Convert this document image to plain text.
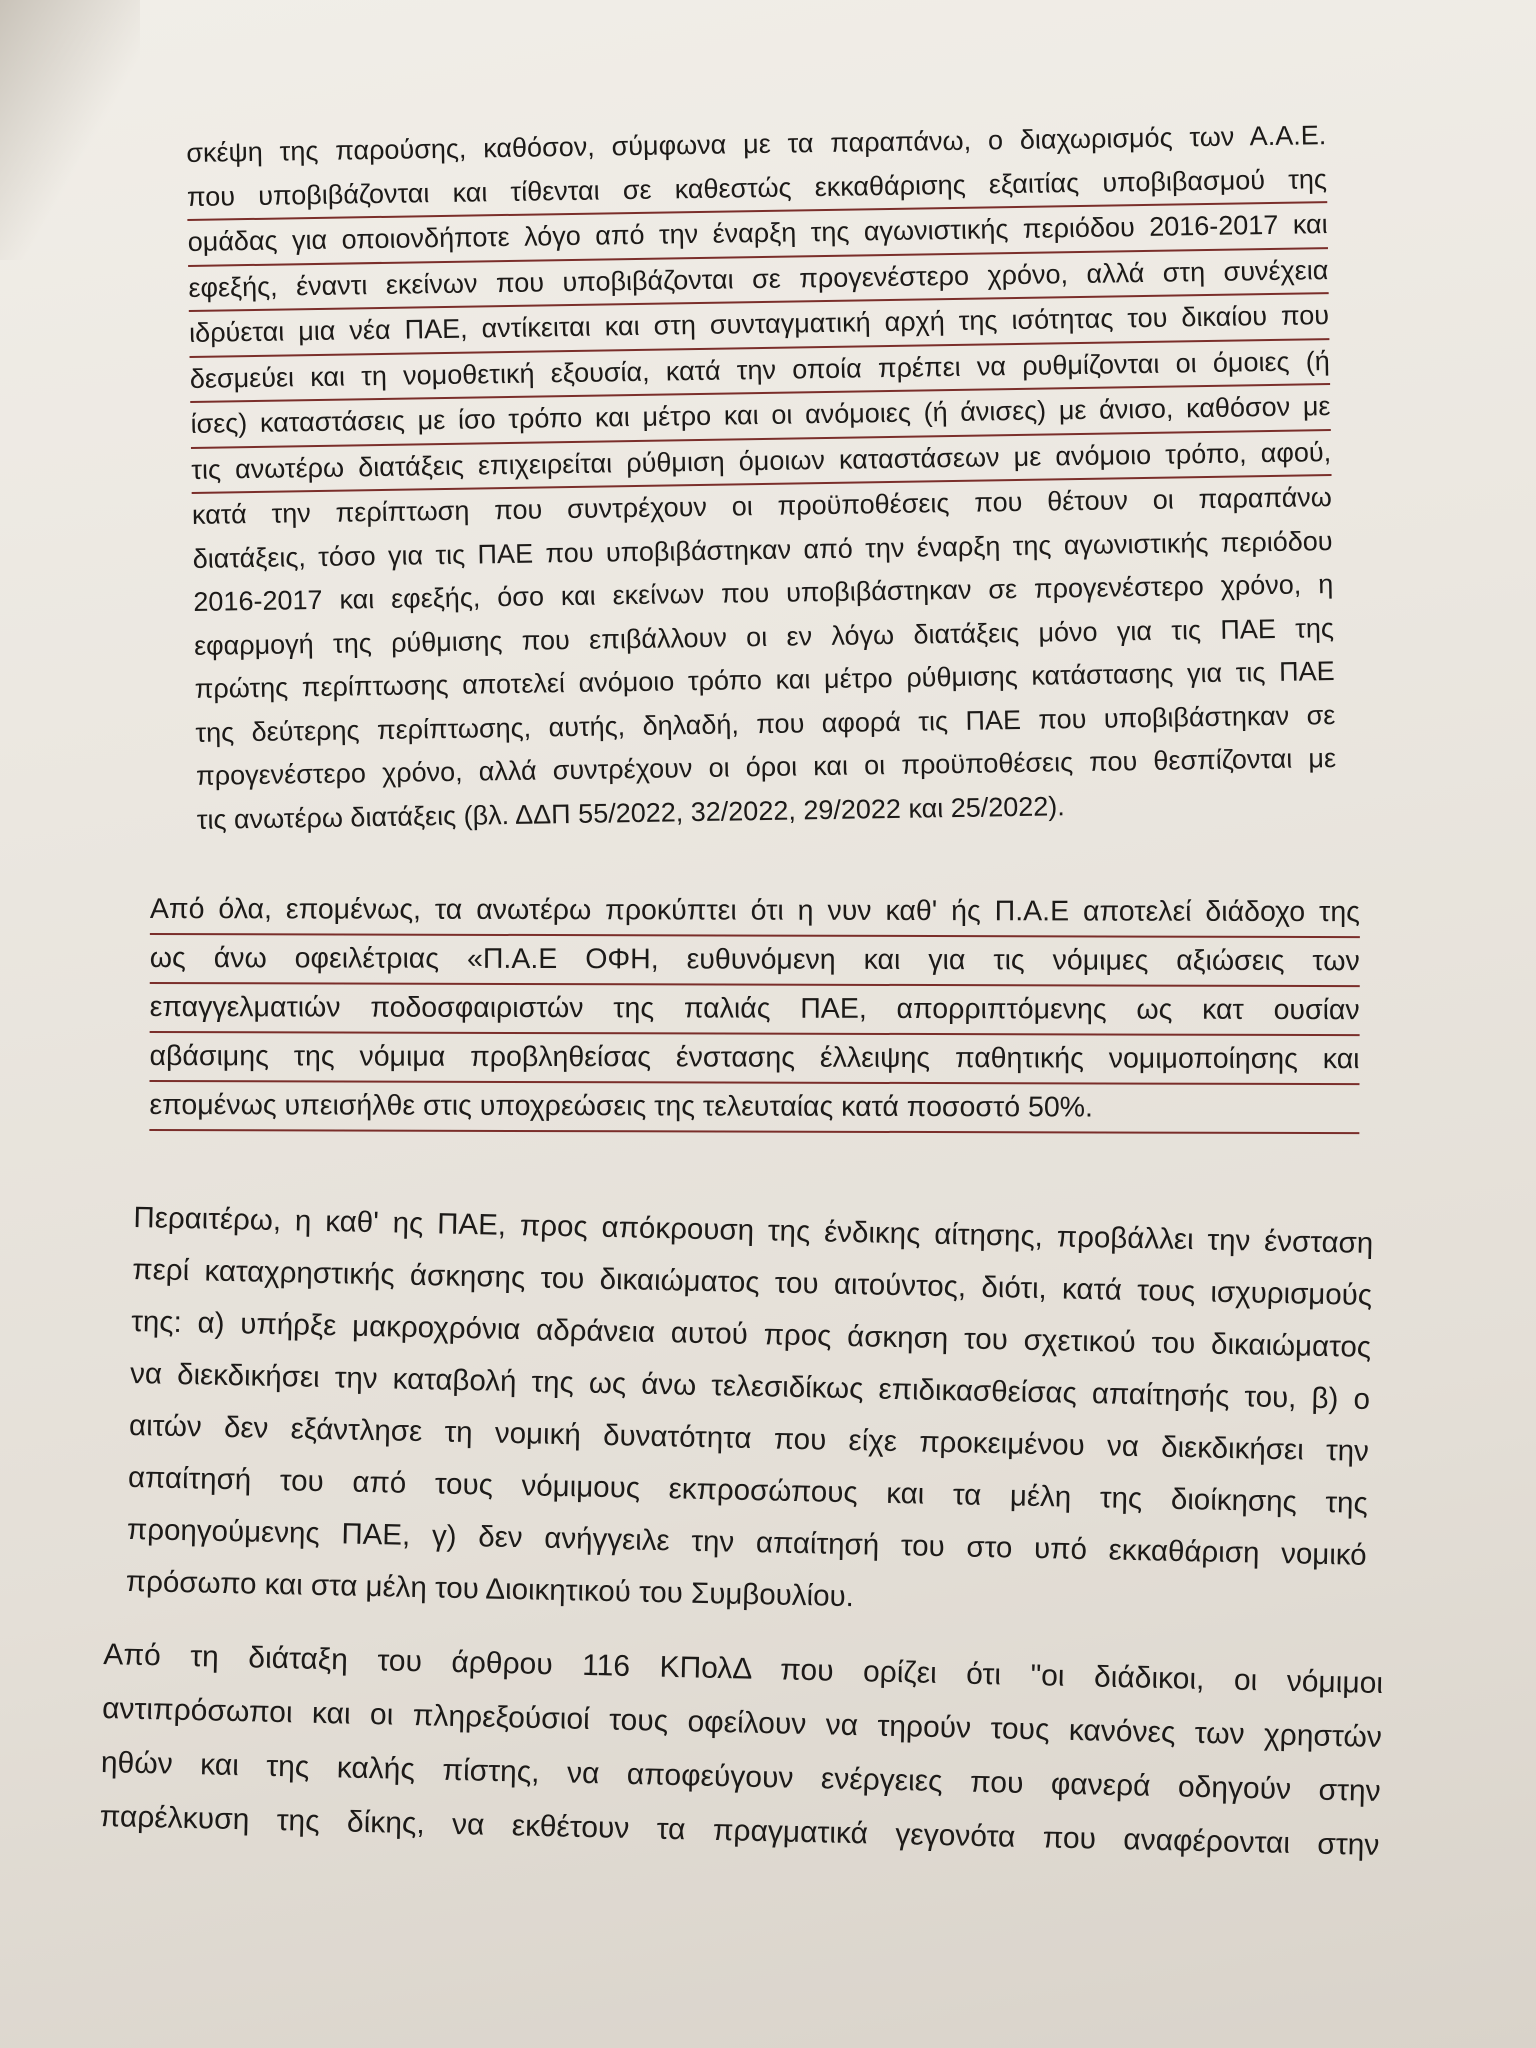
σκέψη της παρούσης, καθόσον, σύμφωνα με τα παραπάνω, ο διαχωρισμός των Α.Α.Ε.
που υποβιβάζονται και τίθενται σε καθεστώς εκκαθάρισης εξαιτίας υποβιβασμού της
ομάδας για οποιονδήποτε λόγο από την έναρξη της αγωνιστικής περιόδου 2016-2017 και
εφεξής, έναντι εκείνων που υποβιβάζονται σε προγενέστερο χρόνο, αλλά στη συνέχεια
ιδρύεται μια νέα ΠΑΕ, αντίκειται και στη συνταγματική αρχή της ισότητας του δικαίου που
δεσμεύει και τη νομοθετική εξουσία, κατά την οποία πρέπει να ρυθμίζονται οι όμοιες (ή
ίσες) καταστάσεις με ίσο τρόπο και μέτρο και οι ανόμοιες (ή άνισες) με άνισο, καθόσον με
τις ανωτέρω διατάξεις επιχειρείται ρύθμιση όμοιων καταστάσεων με ανόμοιο τρόπο, αφού,
κατά την περίπτωση που συντρέχουν οι προϋποθέσεις που θέτουν οι παραπάνω
διατάξεις, τόσο για τις ΠΑΕ που υποβιβάστηκαν από την έναρξη της αγωνιστικής περιόδου
2016-2017 και εφεξής, όσο και εκείνων που υποβιβάστηκαν σε προγενέστερο χρόνο, η
εφαρμογή της ρύθμισης που επιβάλλουν οι εν λόγω διατάξεις μόνο για τις ΠΑΕ της
πρώτης περίπτωσης αποτελεί ανόμοιο τρόπο και μέτρο ρύθμισης κατάστασης για τις ΠΑΕ
της δεύτερης περίπτωσης, αυτής, δηλαδή, που αφορά τις ΠΑΕ που υποβιβάστηκαν σε
προγενέστερο χρόνο, αλλά συντρέχουν οι όροι και οι προϋποθέσεις που θεσπίζονται με
τις ανωτέρω διατάξεις (βλ. ΔΔΠ 55/2022, 32/2022, 29/2022 και 25/2022).
Από όλα, επομένως, τα ανωτέρω προκύπτει ότι η νυν καθ' ής Π.Α.Ε αποτελεί διάδοχο της
ως άνω οφειλέτριας «Π.Α.Ε ΟΦΗ, ευθυνόμενη και για τις νόμιμες αξιώσεις των
επαγγελματιών ποδοσφαιριστών της παλιάς ΠΑΕ, απορριπτόμενης ως κατ ουσίαν
αβάσιμης της νόμιμα προβληθείσας ένστασης έλλειψης παθητικής νομιμοποίησης και
επομένως υπεισήλθε στις υποχρεώσεις της τελευταίας κατά ποσοστό 50%.
Περαιτέρω, η καθ' ης ΠΑΕ, προς απόκρουση της ένδικης αίτησης, προβάλλει την ένσταση
περί καταχρηστικής άσκησης του δικαιώματος του αιτούντος, διότι, κατά τους ισχυρισμούς
της: α) υπήρξε μακροχρόνια αδράνεια αυτού προς άσκηση του σχετικού του δικαιώματος
να διεκδικήσει την καταβολή της ως άνω τελεσιδίκως επιδικασθείσας απαίτησής του, β) ο
αιτών δεν εξάντλησε τη νομική δυνατότητα που είχε προκειμένου να διεκδικήσει την
απαίτησή του από τους νόμιμους εκπροσώπους και τα μέλη της διοίκησης της
προηγούμενης ΠΑΕ, γ) δεν ανήγγειλε την απαίτησή του στο υπό εκκαθάριση νομικό
πρόσωπο και στα μέλη του Διοικητικού του Συμβουλίου.
Από τη διάταξη του άρθρου 116 ΚΠολΔ που ορίζει ότι "οι διάδικοι, οι νόμιμοι
αντιπρόσωποι και οι πληρεξούσιοί τους οφείλουν να τηρούν τους κανόνες των χρηστών
ηθών και της καλής πίστης, να αποφεύγουν ενέργειες που φανερά οδηγούν στην
παρέλκυση της δίκης, να εκθέτουν τα πραγματικά γεγονότα που αναφέρονται στην
